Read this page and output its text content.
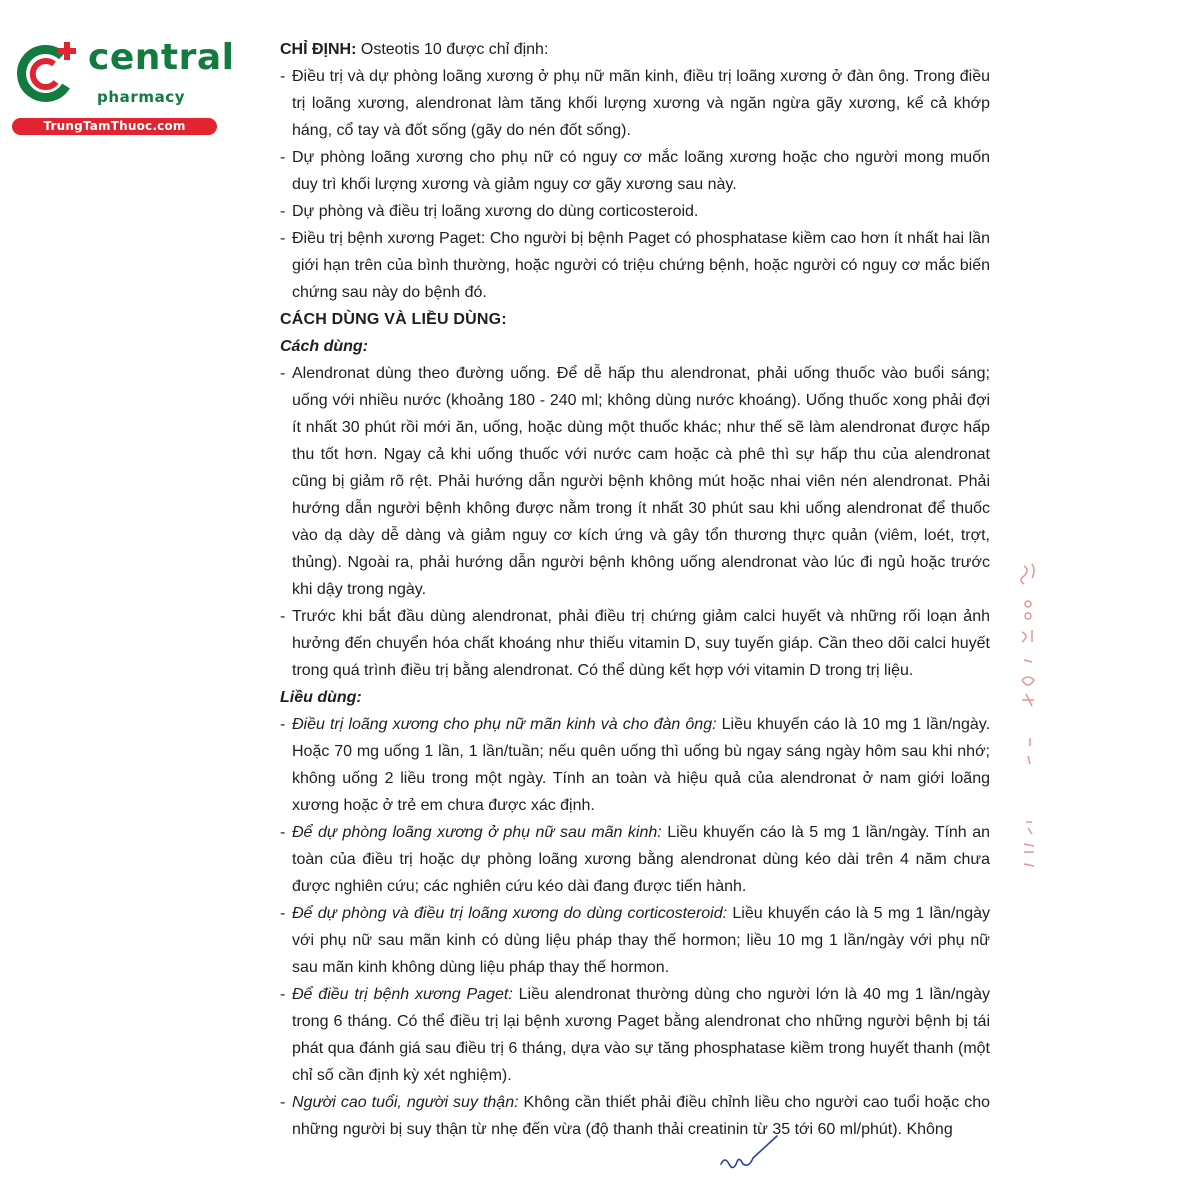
central
pharmacy
TrungTamThuoc.com

CHỈ ĐỊNH: Osteotis 10 được chỉ định:

- Điều trị và dự phòng loãng xương ở phụ nữ mãn kinh, điều trị loãng xương ở đàn ông. Trong điều trị loãng xương, alendronat làm tăng khối lượng xương và ngăn ngừa gãy xương, kể cả khớp háng, cổ tay và đốt sống (gãy do nén đốt sống).

- Dự phòng loãng xương cho phụ nữ có nguy cơ mắc loãng xương hoặc cho người mong muốn duy trì khối lượng xương và giảm nguy cơ gãy xương sau này.

- Dự phòng và điều trị loãng xương do dùng corticosteroid.

- Điều trị bệnh xương Paget: Cho người bị bệnh Paget có phosphatase kiềm cao hơn ít nhất hai lần giới hạn trên của bình thường, hoặc người có triệu chứng bệnh, hoặc người có nguy cơ mắc biến chứng sau này do bệnh đó.

CÁCH DÙNG VÀ LIỀU DÙNG:

Cách dùng:

- Alendronat dùng theo đường uống. Để dễ hấp thu alendronat, phải uống thuốc vào buổi sáng; uống với nhiều nước (khoảng 180 - 240 ml; không dùng nước khoáng). Uống thuốc xong phải đợi ít nhất 30 phút rồi mới ăn, uống, hoặc dùng một thuốc khác; như thế sẽ làm alendronat được hấp thu tốt hơn. Ngay cả khi uống thuốc với nước cam hoặc cà phê thì sự hấp thu của alendronat cũng bị giảm rõ rệt. Phải hướng dẫn người bệnh không mút hoặc nhai viên nén alendronat. Phải hướng dẫn người bệnh không được nằm trong ít nhất 30 phút sau khi uống alendronat để thuốc vào dạ dày dễ dàng và giảm nguy cơ kích ứng và gây tổn thương thực quản (viêm, loét, trợt, thủng). Ngoài ra, phải hướng dẫn người bệnh không uống alendronat vào lúc đi ngủ hoặc trước khi dậy trong ngày.

- Trước khi bắt đầu dùng alendronat, phải điều trị chứng giảm calci huyết và những rối loạn ảnh hưởng đến chuyển hóa chất khoáng như thiếu vitamin D, suy tuyến giáp. Cần theo dõi calci huyết trong quá trình điều trị bằng alendronat. Có thể dùng kết hợp với vitamin D trong trị liệu.

Liều dùng:

- Điều trị loãng xương cho phụ nữ mãn kinh và cho đàn ông: Liều khuyến cáo là 10 mg 1 lần/ngày. Hoặc 70 mg uống 1 lần, 1 lần/tuần; nếu quên uống thì uống bù ngay sáng ngày hôm sau khi nhớ; không uống 2 liều trong một ngày. Tính an toàn và hiệu quả của alendronat ở nam giới loãng xương hoặc ở trẻ em chưa được xác định.

- Để dự phòng loãng xương ở phụ nữ sau mãn kinh: Liều khuyến cáo là 5 mg 1 lần/ngày. Tính an toàn của điều trị hoặc dự phòng loãng xương bằng alendronat dùng kéo dài trên 4 năm chưa được nghiên cứu; các nghiên cứu kéo dài đang được tiến hành.

- Để dự phòng và điều trị loãng xương do dùng corticosteroid: Liều khuyến cáo là 5 mg 1 lần/ngày với phụ nữ sau mãn kinh có dùng liệu pháp thay thế hormon; liều 10 mg 1 lần/ngày với phụ nữ sau mãn kinh không dùng liệu pháp thay thế hormon.

- Để điều trị bệnh xương Paget: Liều alendronat thường dùng cho người lớn là 40 mg 1 lần/ngày trong 6 tháng. Có thể điều trị lại bệnh xương Paget bằng alendronat cho những người bệnh bị tái phát qua đánh giá sau điều trị 6 tháng, dựa vào sự tăng phosphatase kiềm trong huyết thanh (một chỉ số cần định kỳ xét nghiệm).

- Người cao tuổi, người suy thận: Không cần thiết phải điều chỉnh liều cho người cao tuổi hoặc cho những người bị suy thận từ nhẹ đến vừa (độ thanh thải creatinin từ 35 tới 60 ml/phút). Không
